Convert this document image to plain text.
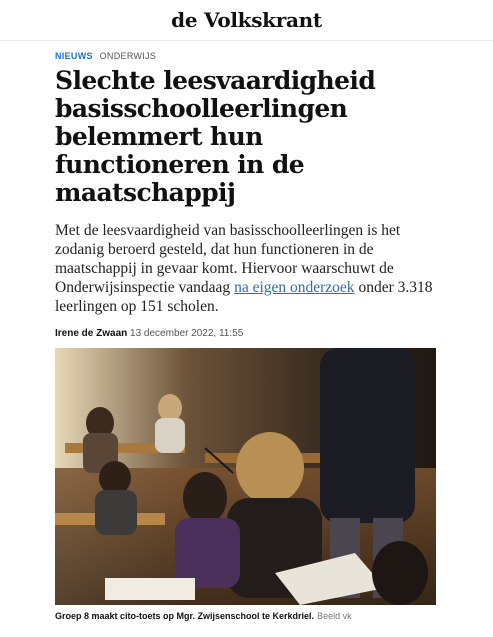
de Volkskrant
NIEUWS ONDERWIJS
Slechte leesvaardigheid basisschoolleerlingen belemmert hun functioneren in de maatschappij

Met de leesvaardigheid van basisschoolleerlingen is het zodanig beroerd gesteld, dat hun functioneren in de maatschappij in gevaar komt. Hiervoor waarschuwt de Onderwijsinspectie vandaag na eigen onderzoek onder 3.318 leerlingen op 151 scholen.

Irene de Zwaan 13 december 2022, 11:55
Groep 8 maakt cito-toets op Mgr. Zwijsenschool te Kerkdriel. Beeld vk
